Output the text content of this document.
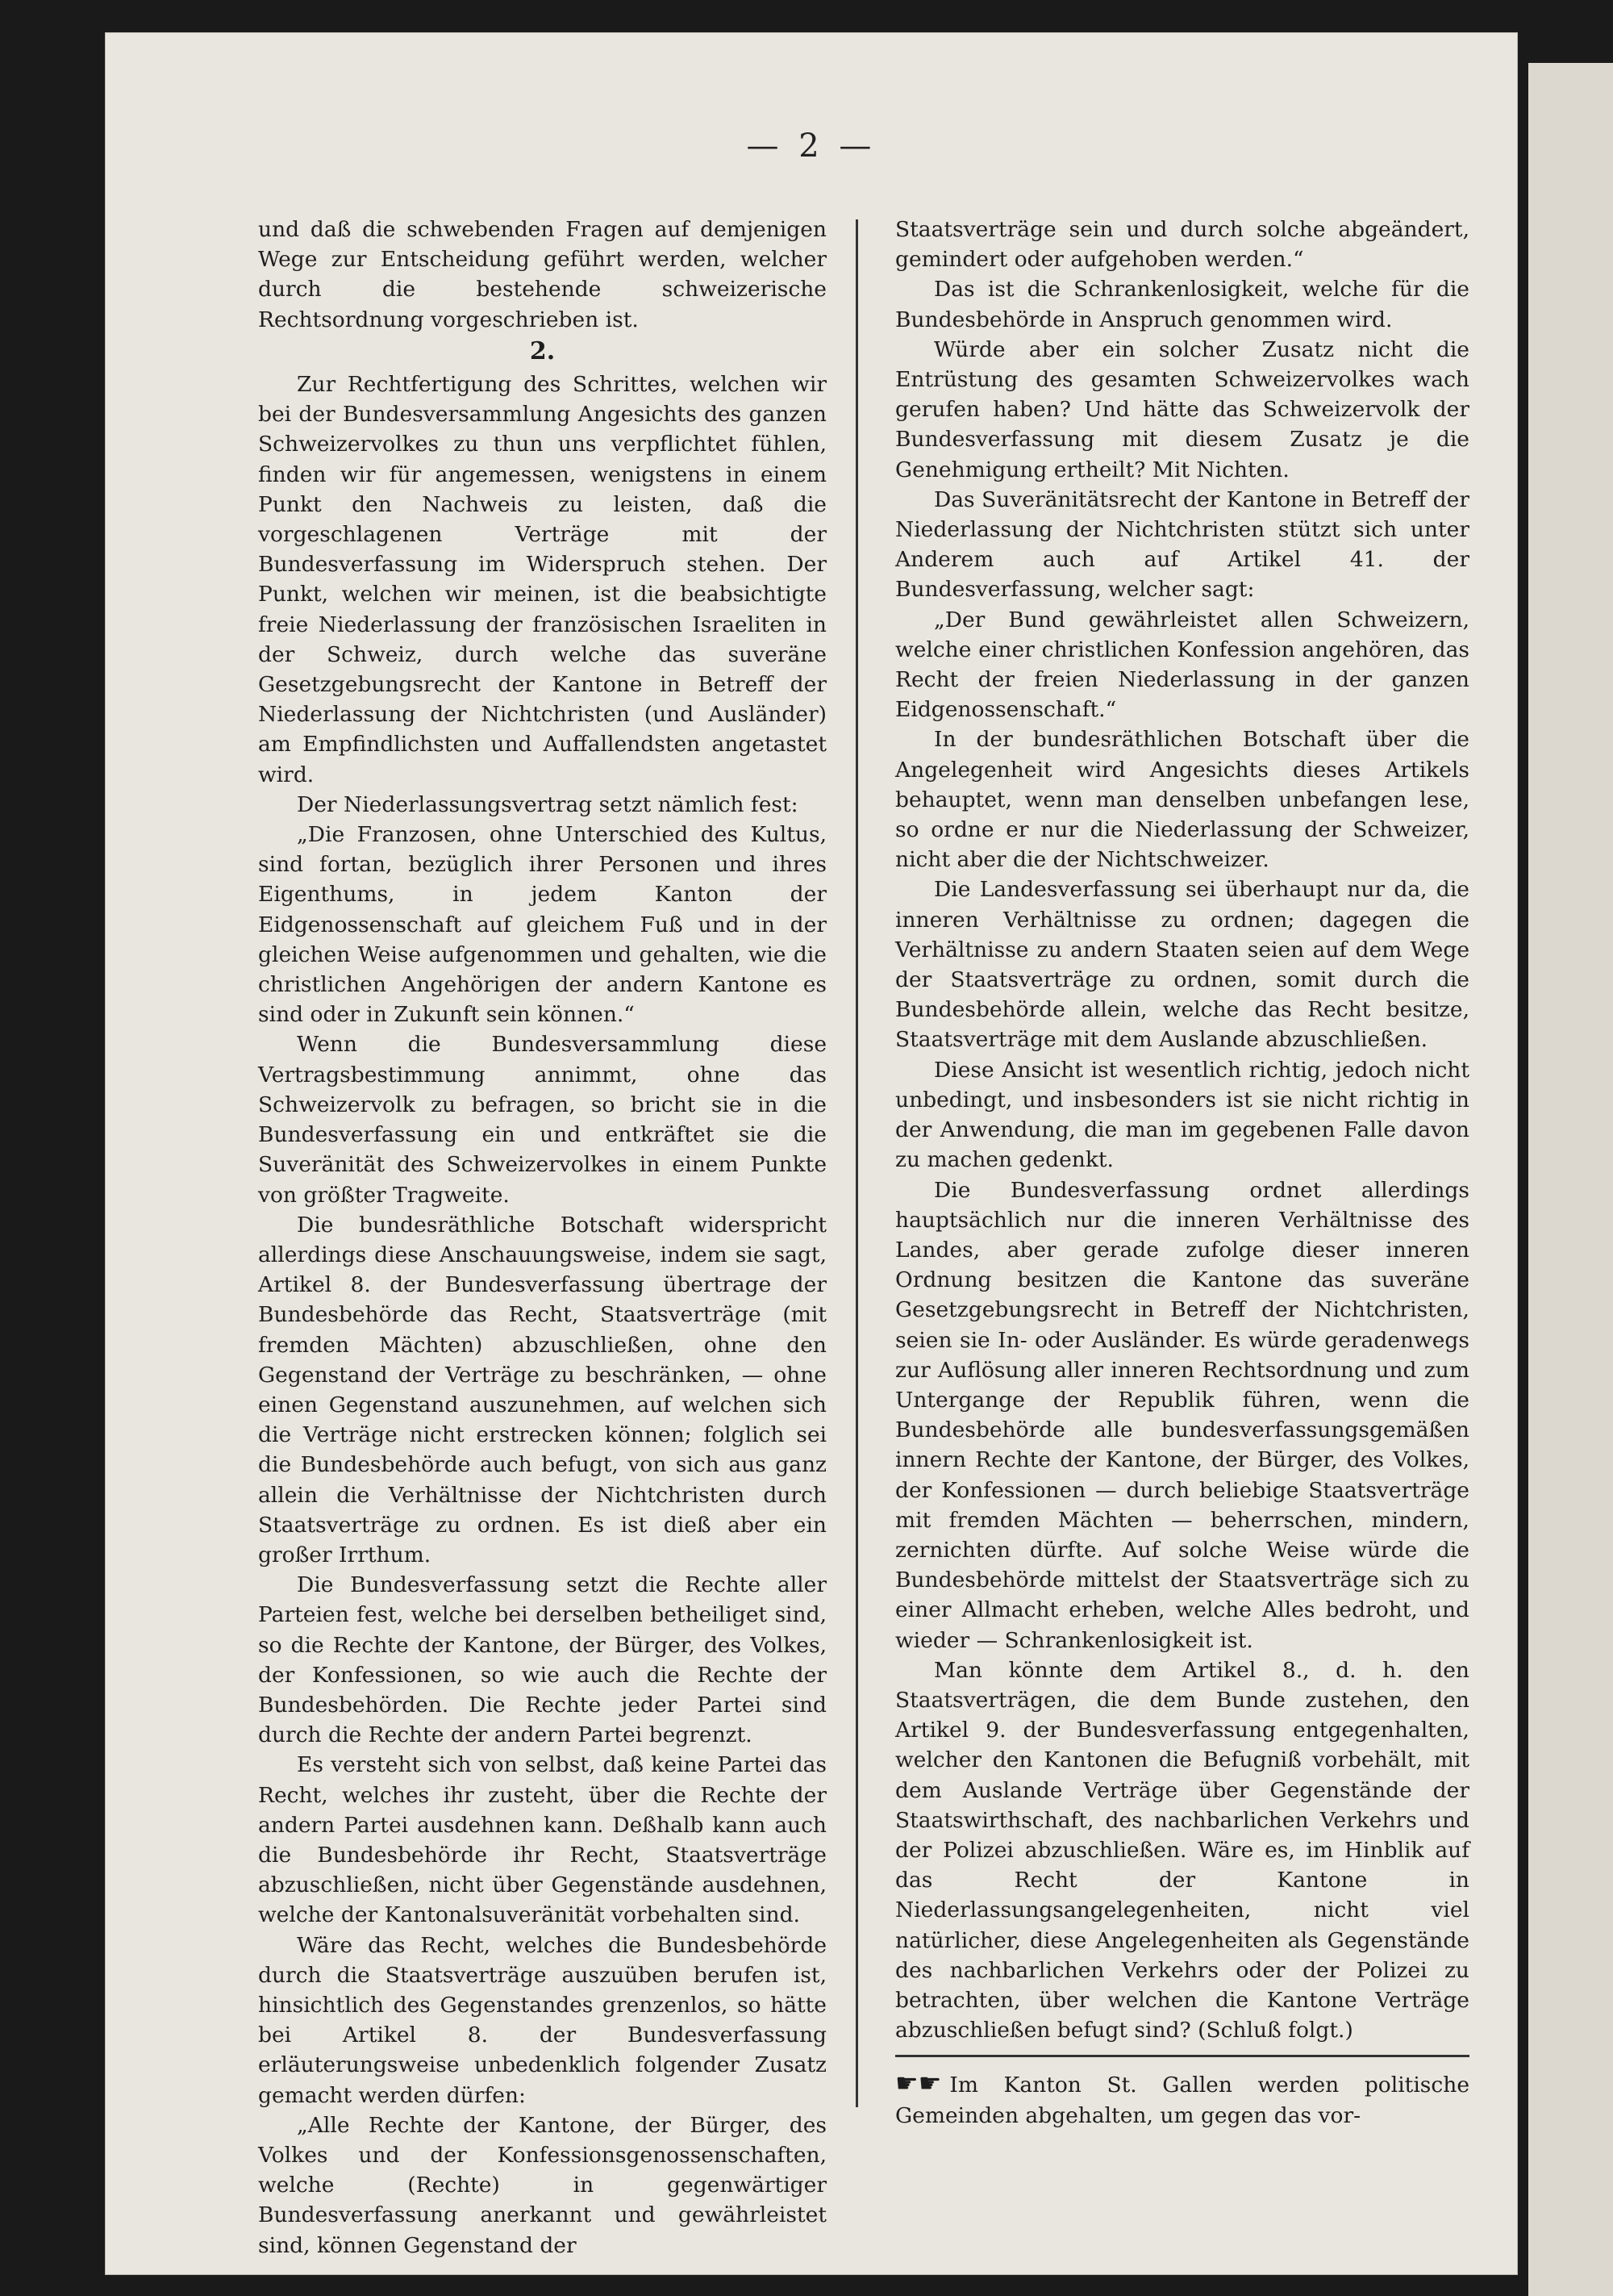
— 2 —

und daß die schwebenden Fragen auf demjenigen Wege zur Entscheidung geführt werden, welcher durch die bestehende schweizerische Rechtsordnung vorgeschrieben ist.

2.

Zur Rechtfertigung des Schrittes, welchen wir bei der Bundesversammlung Angesichts des ganzen Schweizervolkes zu thun uns verpflichtet fühlen, finden wir für angemessen, wenigstens in einem Punkt den Nachweis zu leisten, daß die vorgeschlagenen Verträge mit der Bundesverfassung im Widerspruch stehen. Der Punkt, welchen wir meinen, ist die beabsichtigte freie Niederlassung der französischen Israeliten in der Schweiz, durch welche das suveräne Gesetzgebungsrecht der Kantone in Betreff der Niederlassung der Nichtchristen (und Ausländer) am Empfindlichsten und Auffallendsten angetastet wird.

Der Niederlassungsvertrag setzt nämlich fest:

„Die Franzosen, ohne Unterschied des Kultus, sind fortan, bezüglich ihrer Personen und ihres Eigenthums, in jedem Kanton der Eidgenossenschaft auf gleichem Fuß und in der gleichen Weise aufgenommen und gehalten, wie die christlichen Angehörigen der andern Kantone es sind oder in Zukunft sein können.“

Wenn die Bundesversammlung diese Vertragsbestimmung annimmt, ohne das Schweizervolk zu befragen, so bricht sie in die Bundesverfassung ein und entkräftet sie die Suveränität des Schweizervolkes in einem Punkte von größter Tragweite.

Die bundesräthliche Botschaft widerspricht allerdings diese Anschauungsweise, indem sie sagt, Artikel 8. der Bundesverfassung übertrage der Bundesbehörde das Recht, Staatsverträge (mit fremden Mächten) abzuschließen, ohne den Gegenstand der Verträge zu beschränken, — ohne einen Gegenstand auszunehmen, auf welchen sich die Verträge nicht erstrecken können; folglich sei die Bundesbehörde auch befugt, von sich aus ganz allein die Verhältnisse der Nichtchristen durch Staatsverträge zu ordnen. Es ist dieß aber ein großer Irrthum.

Die Bundesverfassung setzt die Rechte aller Parteien fest, welche bei derselben betheiliget sind, so die Rechte der Kantone, der Bürger, des Volkes, der Konfessionen, so wie auch die Rechte der Bundesbehörden. Die Rechte jeder Partei sind durch die Rechte der andern Partei begrenzt.

Es versteht sich von selbst, daß keine Partei das Recht, welches ihr zusteht, über die Rechte der andern Partei ausdehnen kann. Deßhalb kann auch die Bundesbehörde ihr Recht, Staatsverträge abzuschließen, nicht über Gegenstände ausdehnen, welche der Kantonalsuveränität vorbehalten sind.

Wäre das Recht, welches die Bundesbehörde durch die Staatsverträge auszuüben berufen ist, hinsichtlich des Gegenstandes grenzenlos, so hätte bei Artikel 8. der Bundesverfassung erläuterungsweise unbedenklich folgender Zusatz gemacht werden dürfen:

„Alle Rechte der Kantone, der Bürger, des Volkes und der Konfessionsgenossenschaften, welche (Rechte) in gegenwärtiger Bundesverfassung anerkannt und gewährleistet sind, können Gegenstand der

Staatsverträge sein und durch solche abgeändert, gemindert oder aufgehoben werden.“

Das ist die Schrankenlosigkeit, welche für die Bundesbehörde in Anspruch genommen wird.

Würde aber ein solcher Zusatz nicht die Entrüstung des gesamten Schweizervolkes wach gerufen haben? Und hätte das Schweizervolk der Bundesverfassung mit diesem Zusatz je die Genehmigung ertheilt? Mit Nichten.

Das Suveränitätsrecht der Kantone in Betreff der Niederlassung der Nichtchristen stützt sich unter Anderem auch auf Artikel 41. der Bundesverfassung, welcher sagt:

„Der Bund gewährleistet allen Schweizern, welche einer christlichen Konfession angehören, das Recht der freien Niederlassung in der ganzen Eidgenossenschaft.“

In der bundesräthlichen Botschaft über die Angelegenheit wird Angesichts dieses Artikels behauptet, wenn man denselben unbefangen lese, so ordne er nur die Niederlassung der Schweizer, nicht aber die der Nichtschweizer.

Die Landesverfassung sei überhaupt nur da, die inneren Verhältnisse zu ordnen; dagegen die Verhältnisse zu andern Staaten seien auf dem Wege der Staatsverträge zu ordnen, somit durch die Bundesbehörde allein, welche das Recht besitze, Staatsverträge mit dem Auslande abzuschließen.

Diese Ansicht ist wesentlich richtig, jedoch nicht unbedingt, und insbesonders ist sie nicht richtig in der Anwendung, die man im gegebenen Falle davon zu machen gedenkt.

Die Bundesverfassung ordnet allerdings hauptsächlich nur die inneren Verhältnisse des Landes, aber gerade zufolge dieser inneren Ordnung besitzen die Kantone das suveräne Gesetzgebungsrecht in Betreff der Nichtchristen, seien sie In- oder Ausländer. Es würde geradenwegs zur Auflösung aller inneren Rechtsordnung und zum Untergange der Republik führen, wenn die Bundesbehörde alle bundesverfassungsgemäßen innern Rechte der Kantone, der Bürger, des Volkes, der Konfessionen — durch beliebige Staatsverträge mit fremden Mächten — beherrschen, mindern, zernichten dürfte. Auf solche Weise würde die Bundesbehörde mittelst der Staatsverträge sich zu einer Allmacht erheben, welche Alles bedroht, und wieder — Schrankenlosigkeit ist.

Man könnte dem Artikel 8., d. h. den Staatsverträgen, die dem Bunde zustehen, den Artikel 9. der Bundesverfassung entgegenhalten, welcher den Kantonen die Befugniß vorbehält, mit dem Auslande Verträge über Gegenstände der Staatswirthschaft, des nachbarlichen Verkehrs und der Polizei abzuschließen. Wäre es, im Hinblik auf das Recht der Kantone in Niederlassungsangelegenheiten, nicht viel natürlicher, diese Angelegenheiten als Gegenstände des nachbarlichen Verkehrs oder der Polizei zu betrachten, über welchen die Kantone Verträge abzuschließen befugt sind? (Schluß folgt.)

☛☛ Im Kanton St. Gallen werden politische Gemeinden abgehalten, um gegen das vor-
